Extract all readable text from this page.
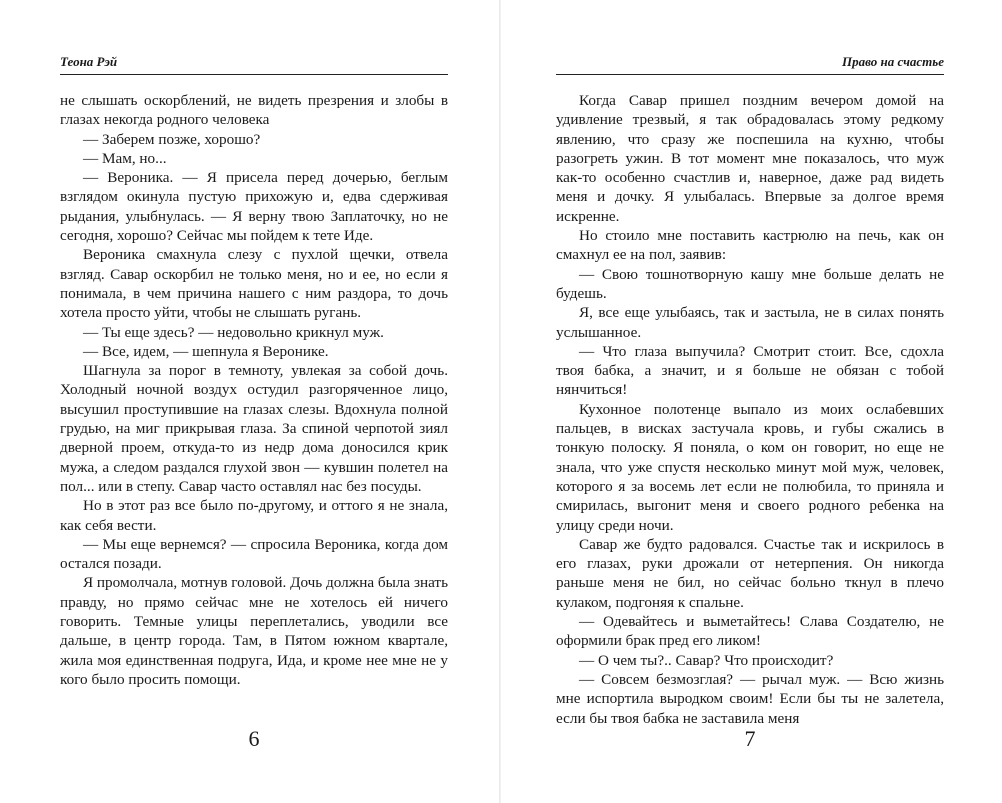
Теона Рэй

не слышать оскорблений, не видеть презрения и злобы в глазах некогда родного человека

— Заберем позже, хорошо?

— Мам, но...

— Вероника. — Я присела перед дочерью, беглым взглядом окинула пустую прихожую и, едва сдерживая рыдания, улыбнулась. — Я верну твою Заплаточку, но не сегодня, хорошо? Сейчас мы пойдем к тете Иде.

Вероника смахнула слезу с пухлой щечки, отвела взгляд. Савар оскорбил не только меня, но и ее, но если я понимала, в чем причина нашего с ним раздора, то дочь хотела просто уйти, чтобы не слышать ругань.

— Ты еще здесь? — недовольно крикнул муж.

— Все, идем, — шепнула я Веронике.

Шагнула за порог в темноту, увлекая за собой дочь. Холодный ночной воздух остудил разгоряченное лицо, высушил проступившие на глазах слезы. Вдохнула полной грудью, на миг прикрывая глаза. За спиной черпотой зиял дверной проем, откуда-то из недр дома доносился крик мужа, а следом раздался глухой звон — кувшин полетел на пол... или в степу. Савар часто оставлял нас без посуды.

Но в этот раз все было по-другому, и оттого я не знала, как себя вести.

— Мы еще вернемся? — спросила Вероника, когда дом остался позади.

Я промолчала, мотнув головой. Дочь должна была знать правду, но прямо сейчас мне не хотелось ей ничего говорить. Темные улицы переплетались, уводили все дальше, в центр города. Там, в Пятом южном квартале, жила моя единственная подруга, Ида, и кроме нее мне не у кого было просить помощи.

6
Право на счастье

Когда Савар пришел поздним вечером домой на удивление трезвый, я так обрадовалась этому редкому явлению, что сразу же поспешила на кухню, чтобы разогреть ужин. В тот момент мне показалось, что муж как-то особенно счастлив и, наверное, даже рад видеть меня и дочку. Я улыбалась. Впервые за долгое время искренне.

Но стоило мне поставить кастрюлю на печь, как он смахнул ее на пол, заявив:

— Свою тошнотворную кашу мне больше делать не будешь.

Я, все еще улыбаясь, так и застыла, не в силах понять услышанное.

— Что глаза выпучила? Смотрит стоит. Все, сдохла твоя бабка, а значит, и я больше не обязан с тобой нянчиться!

Кухонное полотенце выпало из моих ослабевших пальцев, в висках застучала кровь, и губы сжались в тонкую полоску. Я поняла, о ком он говорит, но еще не знала, что уже спустя несколько минут мой муж, человек, которого я за восемь лет если не полюбила, то приняла и смирилась, выгонит меня и своего родного ребенка на улицу среди ночи.

Савар же будто радовался. Счастье так и искрилось в его глазах, руки дрожали от нетерпения. Он никогда раньше меня не бил, но сейчас больно ткнул в плечо кулаком, подгоняя к спальне.

— Одевайтесь и выметайтесь! Слава Создателю, не оформили брак пред его ликом!

— О чем ты?.. Савар? Что происходит?

— Совсем безмозглая? — рычал муж. — Всю жизнь мне испортила выродком своим! Если бы ты не залетела, если бы твоя бабка не заставила меня

7
